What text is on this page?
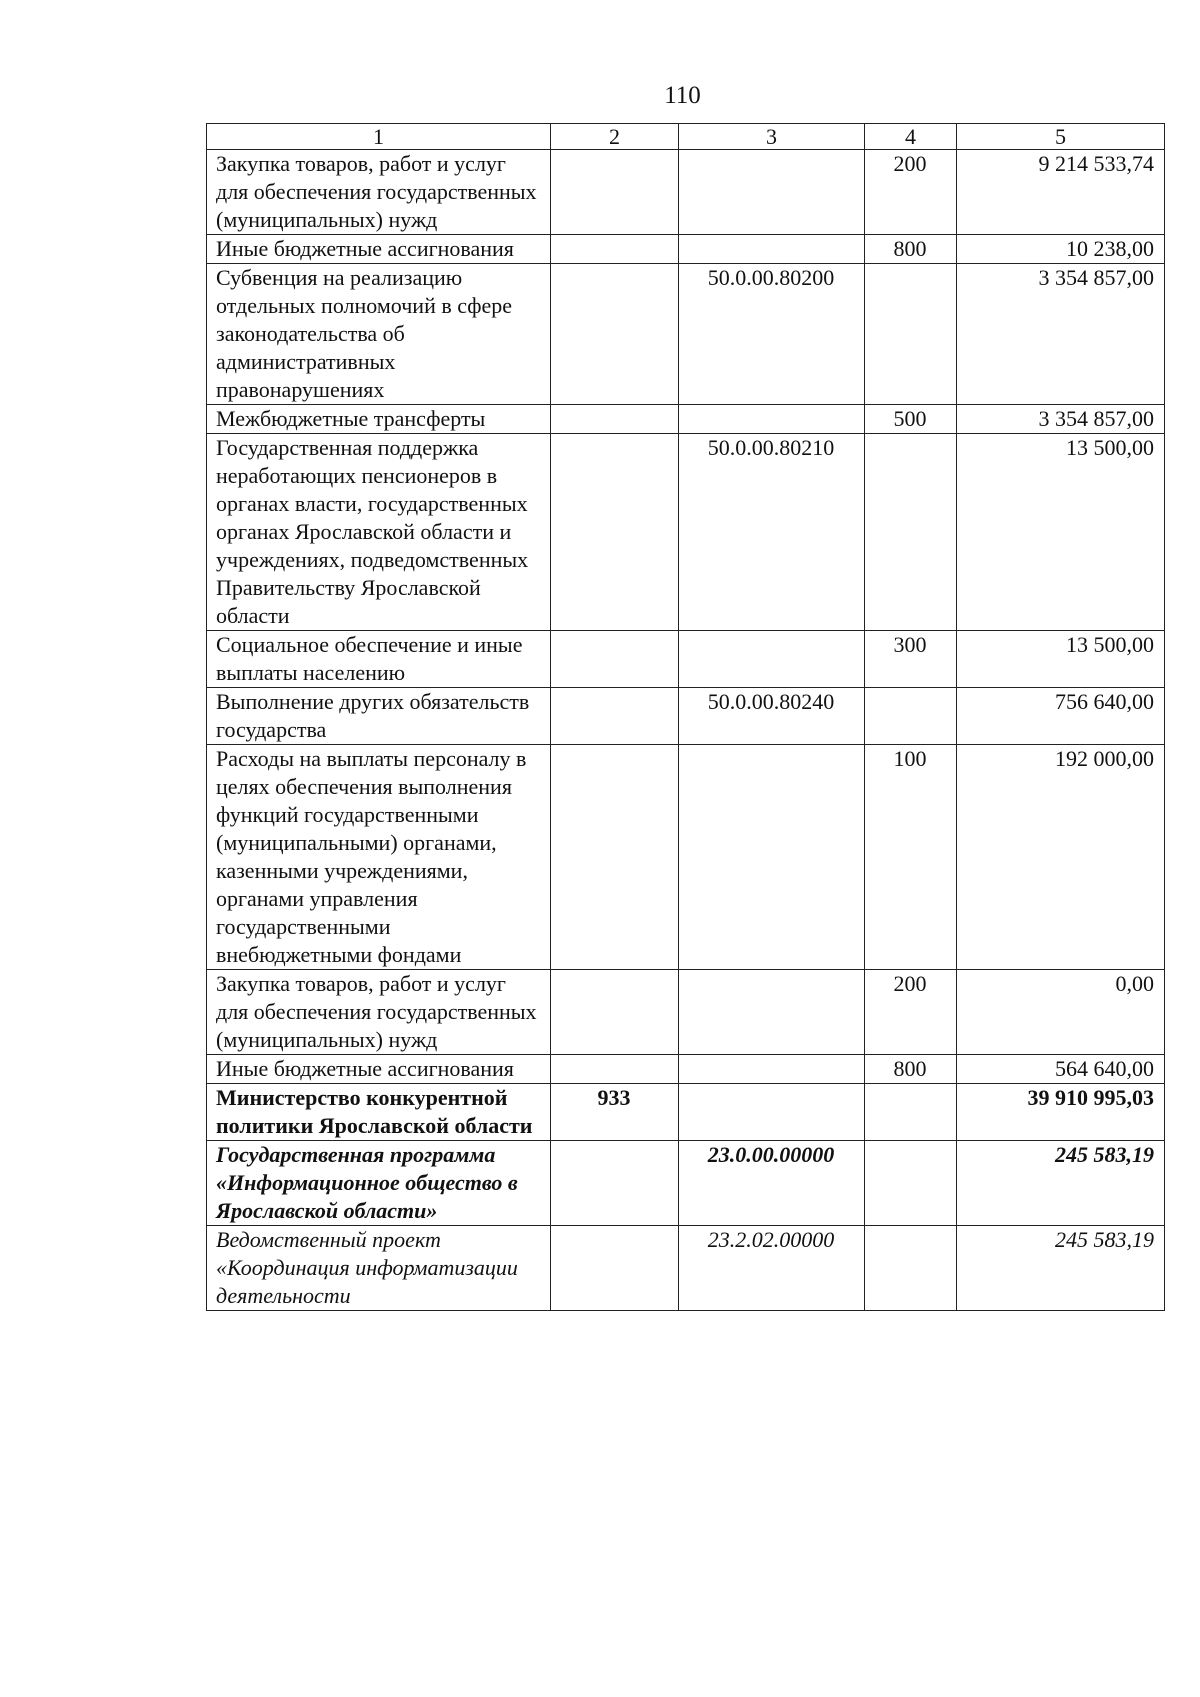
110
1	2	3	4	5
Закупка товаров, работ и услуг для обеспечения государственных (муниципальных) нужд			200	9 214 533,74
Иные бюджетные ассигнования			800	10 238,00
Субвенция на реализацию отдельных полномочий в сфере законодательства об административных правонарушениях		50.0.00.80200		3 354 857,00
Межбюджетные трансферты			500	3 354 857,00
Государственная поддержка неработающих пенсионеров в органах власти, государственных органах Ярославской области и учреждениях, подведомственных Правительству Ярославской области		50.0.00.80210		13 500,00
Социальное обеспечение и иные выплаты населению			300	13 500,00
Выполнение других обязательств государства		50.0.00.80240		756 640,00
Расходы на выплаты персоналу в целях обеспечения выполнения функций государственными (муниципальными) органами, казенными учреждениями, органами управления государственными внебюджетными фондами			100	192 000,00
Закупка товаров, работ и услуг для обеспечения государственных (муниципальных) нужд			200	0,00
Иные бюджетные ассигнования			800	564 640,00
Министерство конкурентной политики Ярославской области	933			39 910 995,03
Государственная программа «Информационное общество в Ярославской области»		23.0.00.00000		245 583,19
Ведомственный проект «Координация информатизации деятельности		23.2.02.00000		245 583,19
